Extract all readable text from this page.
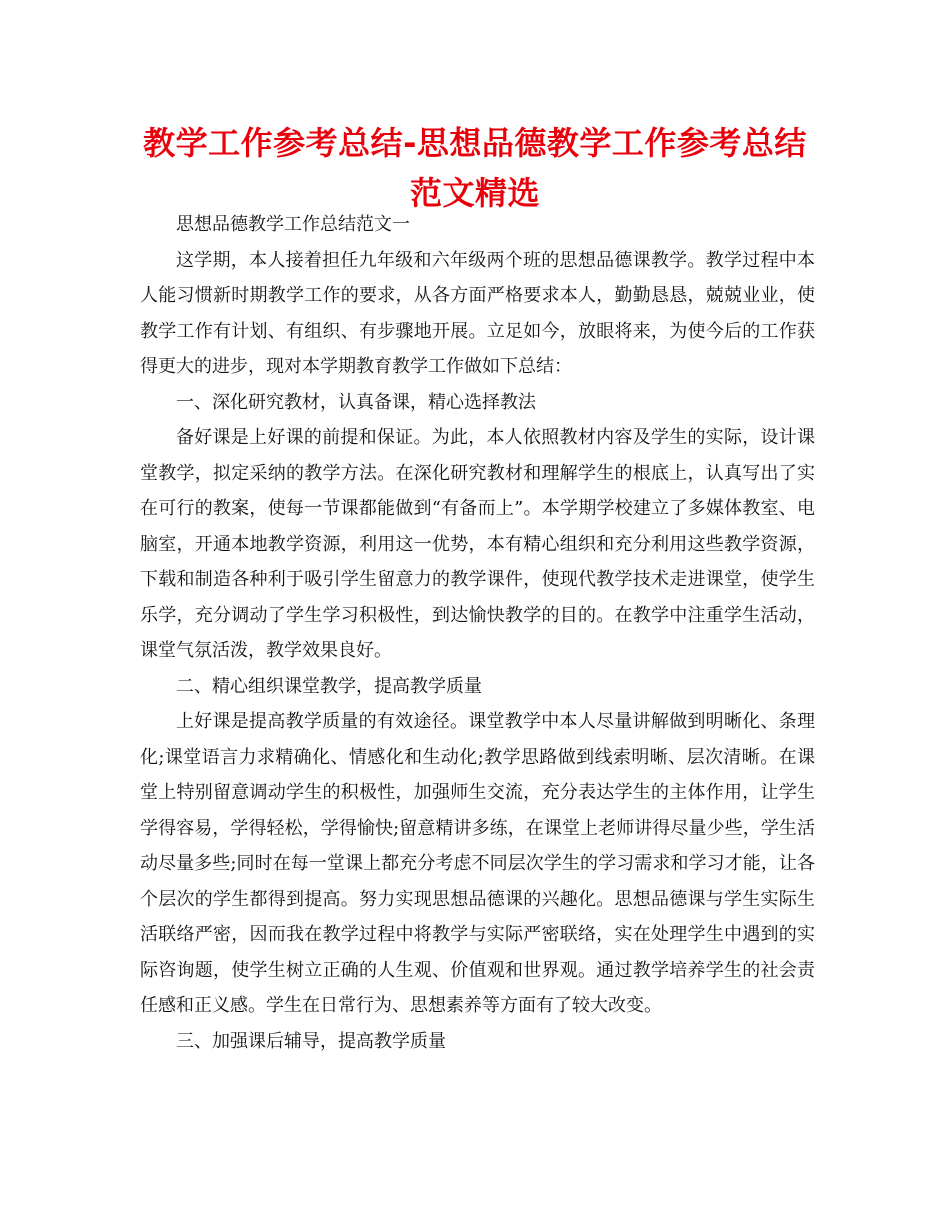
教学工作参考总结-思想品德教学工作参考总结范文精选

思想品德教学工作总结范文一

这学期，本人接着担任九年级和六年级两个班的思想品德课教学。教学过程中本人能习惯新时期教学工作的要求，从各方面严格要求本人，勤勤恳恳，兢兢业业，使教学工作有计划、有组织、有步骤地开展。立足如今，放眼将来，为使今后的工作获得更大的进步，现对本学期教育教学工作做如下总结：

一、深化研究教材，认真备课，精心选择教法

备好课是上好课的前提和保证。为此，本人依照教材内容及学生的实际，设计课堂教学，拟定采纳的教学方法。在深化研究教材和理解学生的根底上，认真写出了实在可行的教案，使每一节课都能做到“有备而上”。本学期学校建立了多媒体教室、电脑室，开通本地教学资源，利用这一优势，本有精心组织和充分利用这些教学资源，下载和制造各种利于吸引学生留意力的教学课件，使现代教学技术走进课堂，使学生乐学，充分调动了学生学习积极性，到达愉快教学的目的。在教学中注重学生活动，课堂气氛活泼，教学效果良好。

二、精心组织课堂教学，提高教学质量

上好课是提高教学质量的有效途径。课堂教学中本人尽量讲解做到明晰化、条理化;课堂语言力求精确化、情感化和生动化;教学思路做到线索明晰、层次清晰。在课堂上特别留意调动学生的积极性，加强师生交流，充分表达学生的主体作用，让学生学得容易，学得轻松，学得愉快;留意精讲多练，在课堂上老师讲得尽量少些，学生活动尽量多些;同时在每一堂课上都充分考虑不同层次学生的学习需求和学习才能，让各个层次的学生都得到提高。努力实现思想品德课的兴趣化。思想品德课与学生实际生活联络严密，因而我在教学过程中将教学与实际严密联络，实在处理学生中遇到的实际咨询题，使学生树立正确的人生观、价值观和世界观。通过教学培养学生的社会责任感和正义感。学生在日常行为、思想素养等方面有了较大改变。

三、加强课后辅导，提高教学质量
